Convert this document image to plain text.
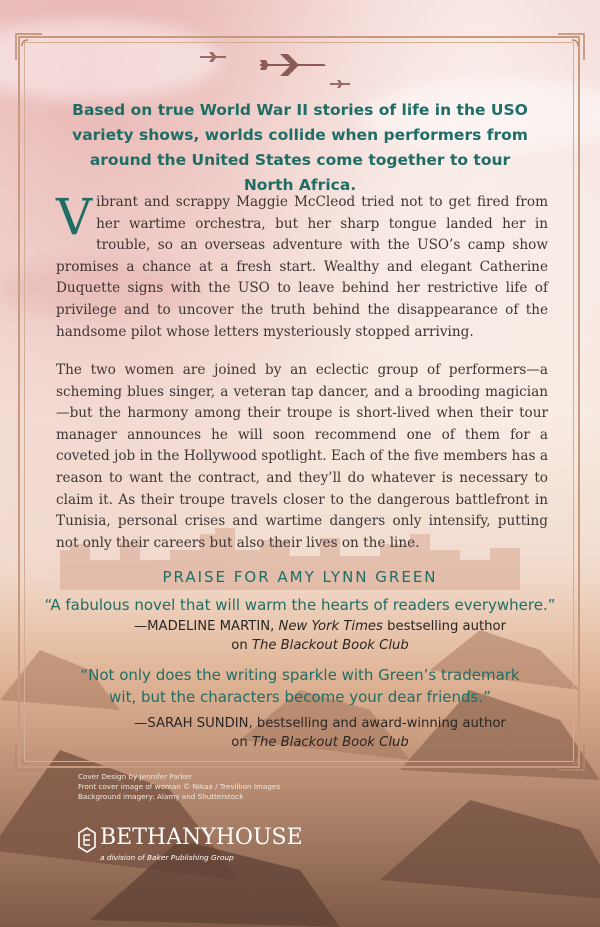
Based on true World War II stories of life in the USO variety shows, worlds collide when performers from around the United States come together to tour North Africa.

Vibrant and scrappy Maggie McCleod tried not to get fired from her wartime orchestra, but her sharp tongue landed her in trouble, so an overseas adventure with the USO’s camp show promises a chance at a fresh start. Wealthy and elegant Catherine Duquette signs with the USO to leave behind her restrictive life of privilege and to uncover the truth behind the disappearance of the handsome pilot whose letters mysteriously stopped arriving.

The two women are joined by an eclectic group of performers—a scheming blues singer, a veteran tap dancer, and a brooding magician—but the harmony among their troupe is short-lived when their tour manager announces he will soon recommend one of them for a coveted job in the Hollywood spotlight. Each of the five members has a reason to want the contract, and they’ll do whatever is necessary to claim it. As their troupe travels closer to the dangerous battlefront in Tunisia, personal crises and wartime dangers only intensify, putting not only their careers but also their lives on the line.

PRAISE FOR AMY LYNN GREEN

“A fabulous novel that will warm the hearts of readers everywhere.”

—MADELINE MARTIN, New York Times bestselling author
on The Blackout Book Club

“Not only does the writing sparkle with Green’s trademark wit, but the characters become your dear friends.”

—SARAH SUNDIN, bestselling and award-winning author
on The Blackout Book Club

Cover Design by Jennifer Parker
Front cover image of woman © Nikaa / Trevillion Images
Background imagery: Alamy and Shutterstock
BETHANYHOUSE
a division of Baker Publishing Group
